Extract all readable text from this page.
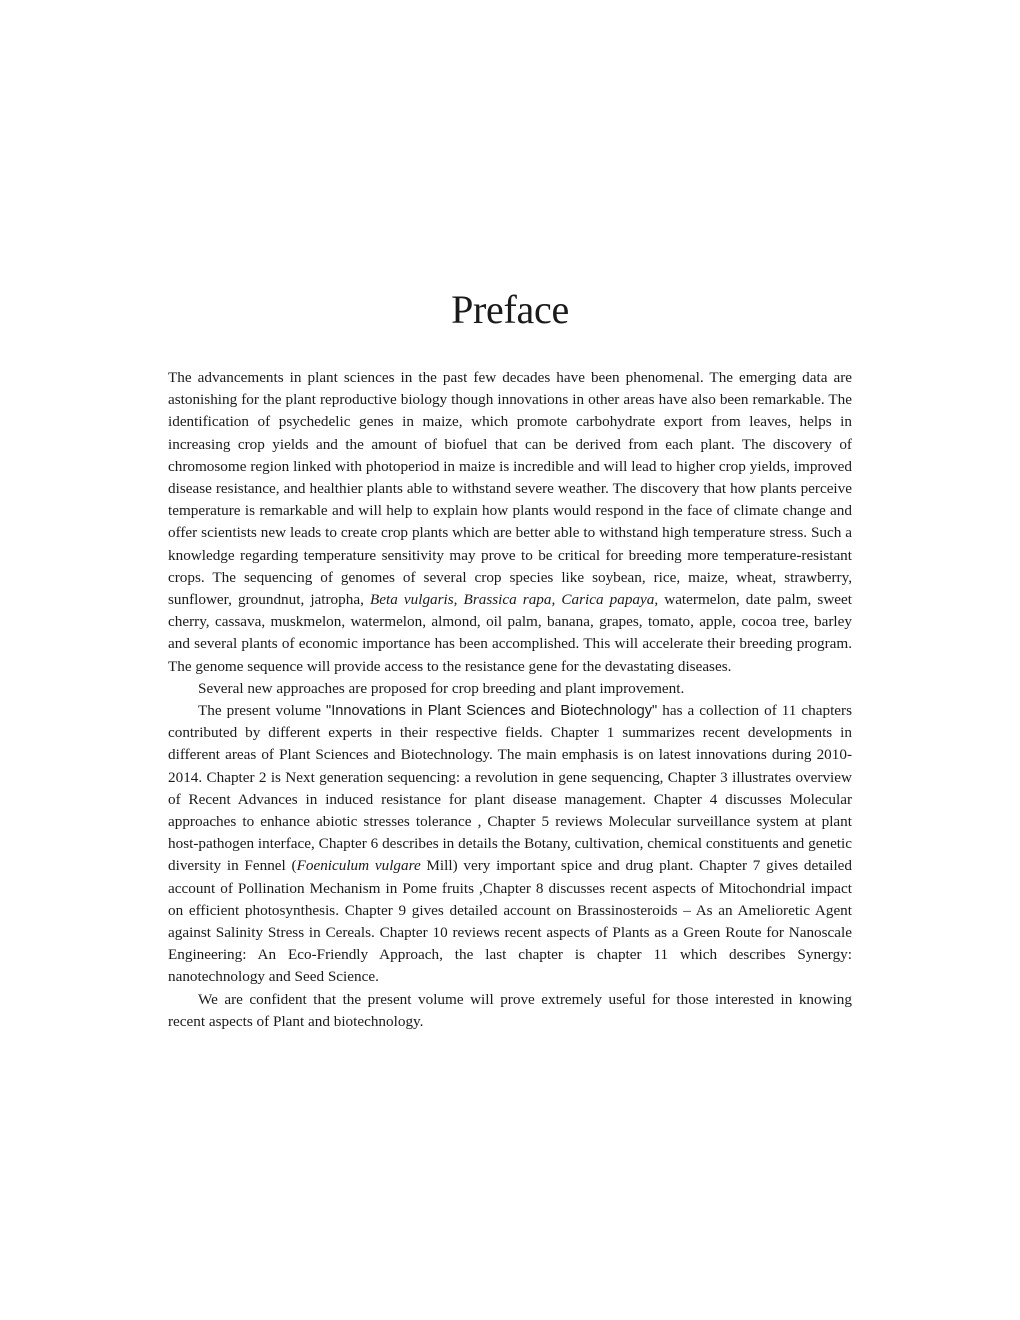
Preface

The advancements in plant sciences in the past few decades have been phenomenal. The emerging data are astonishing for the plant reproductive biology though innovations in other areas have also been remarkable. The identification of psychedelic genes in maize, which promote carbohydrate export from leaves, helps in increasing crop yields and the amount of biofuel that can be derived from each plant. The discovery of chromosome region linked with photoperiod in maize is incredible and will lead to higher crop yields, improved disease resistance, and healthier plants able to withstand severe weather. The discovery that how plants perceive temperature is remarkable and will help to explain how plants would respond in the face of climate change and offer scientists new leads to create crop plants which are better able to withstand high temperature stress. Such a knowledge regarding temperature sensitivity may prove to be critical for breeding more temperature-resistant crops. The sequencing of genomes of several crop species like soybean, rice, maize, wheat, strawberry, sunflower, groundnut, jatropha, Beta vulgaris, Brassica rapa, Carica papaya, watermelon, date palm, sweet cherry, cassava, muskmelon, watermelon, almond, oil palm, banana, grapes, tomato, apple, cocoa tree, barley and several plants of economic importance has been accomplished. This will accelerate their breeding program. The genome sequence will provide access to the resistance gene for the devastating diseases.

Several new approaches are proposed for crop breeding and plant improvement.

The present volume "Innovations in Plant Sciences and Biotechnology" has a collection of 11 chapters contributed by different experts in their respective fields. Chapter 1 summarizes recent developments in different areas of Plant Sciences and Biotechnology. The main emphasis is on latest innovations during 2010-2014. Chapter 2 is Next generation sequencing: a revolution in gene sequencing, Chapter 3 illustrates overview of Recent Advances in induced resistance for plant disease management. Chapter 4 discusses Molecular approaches to enhance abiotic stresses tolerance , Chapter 5 reviews Molecular surveillance system at plant host-pathogen interface, Chapter 6 describes in details the Botany, cultivation, chemical constituents and genetic diversity in Fennel (Foeniculum vulgare Mill) very important spice and drug plant. Chapter 7 gives detailed account of Pollination Mechanism in Pome fruits ,Chapter 8 discusses recent aspects of Mitochondrial impact on efficient photosynthesis. Chapter 9 gives detailed account on Brassinosteroids – As an Amelioretic Agent against Salinity Stress in Cereals. Chapter 10 reviews recent aspects of Plants as a Green Route for Nanoscale Engineering: An Eco-Friendly Approach, the last chapter is chapter 11 which describes Synergy: nanotechnology and Seed Science.

We are confident that the present volume will prove extremely useful for those interested in knowing recent aspects of Plant and biotechnology.
